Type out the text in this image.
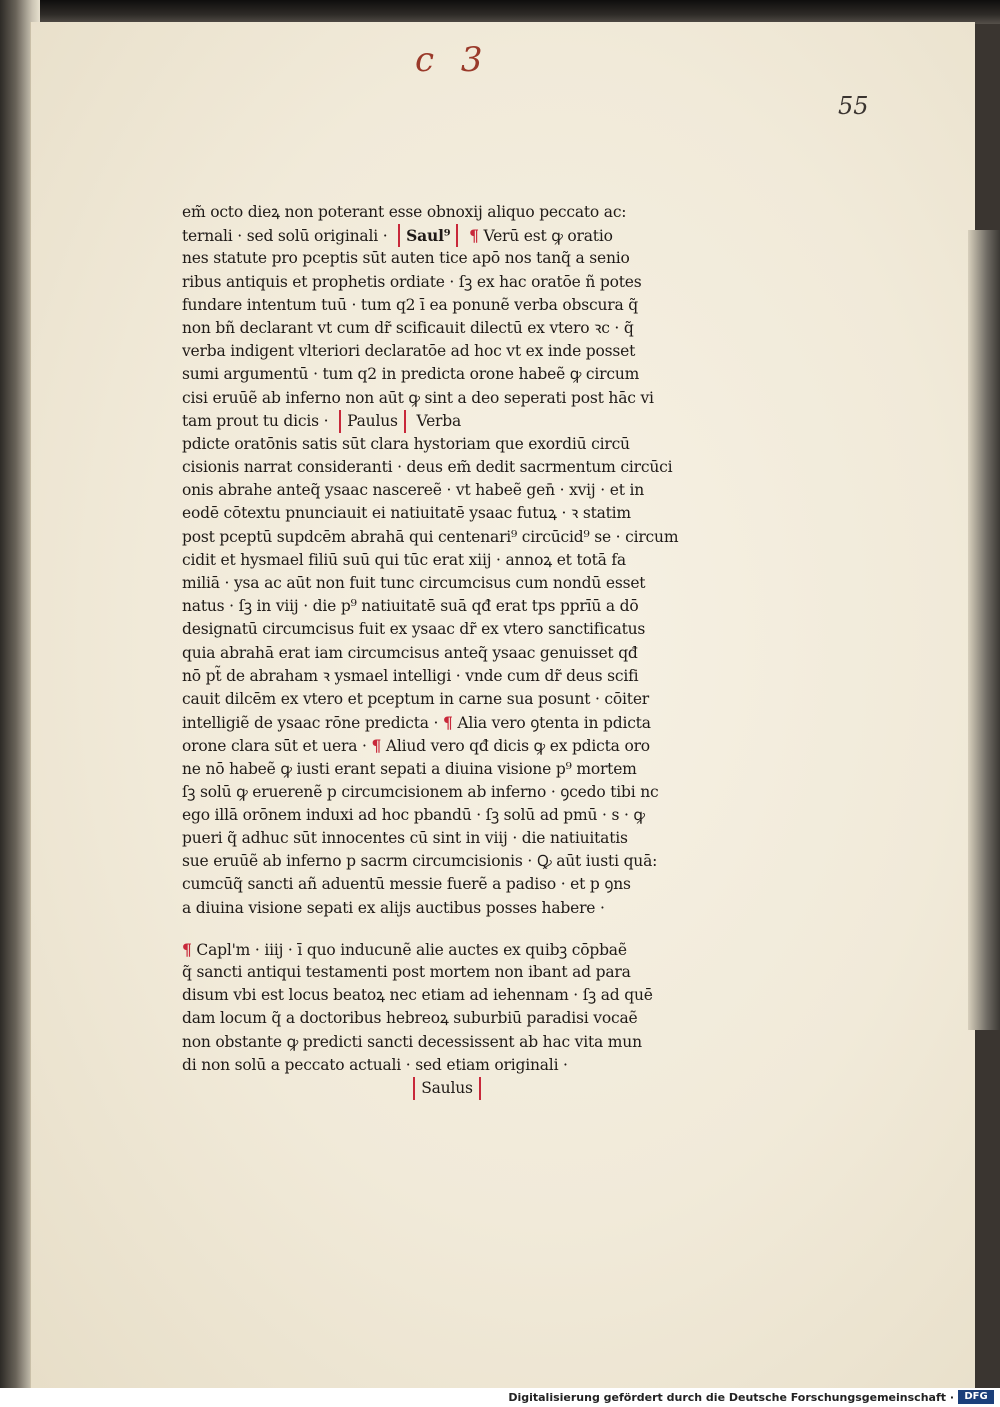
c 3
55
em̃ octo dieꝝ non poterant esse obnoxij aliquo peccato ac:
ternali · sed solū originali · Saul⁹ ¶ Verū est ꝙ oratio
nes statute pro pceptis sūt auten tice apō nos tanq̃ a senio
ribus antiquis et prophetis ordiate · ſꝫ ex hac oratōe ñ potes
fundare intentum tuū · tum q2 ī ea ponunẽ verba obscura q̃
non bñ declarant vt cum dr̃ scificauit dilectū ex vtero ꝛc · q̃
verba indigent vlteriori declaratōe ad hoc vt ex inde posset
sumi argumentū · tum q2 in predicta orone habeẽ ꝙ circum
cisi eruūẽ ab inferno non aūt ꝙ sint a deo seperati post hāc vi
tam prout tu dicis · Paulus Verba
pdicte oratōnis satis sūt clara hystoriam que exordiū circū
cisionis narrat consideranti · deus em̃ dedit sacrmentum circūci
onis abrahe anteq̃ ysaac nascereẽ · vt habeẽ gen̄ · xvij · et in
eodē cōtextu pnunciauit ei natiuitatē ysaac futuꝝ · ꝛ statim
post pceptū supdcēm abrahā qui centenari⁹ circūcid⁹ se · circum
cidit et hysmael filiū suū qui tūc erat xiij · annoꝝ et totā fa
miliā · ysa ac aūt non fuit tunc circumcisus cum nondū esset
natus · ſꝫ in viij · die p⁹ natiuitatē suā qđ erat tps pprīū a dō
designatū circumcisus fuit ex ysaac dr̃ ex vtero sanctificatus
quia abrahā erat iam circumcisus anteq̃ ysaac genuisset qđ
nō pt̃ de abraham ꝛ ysmael intelligi · vnde cum dr̃ deus scifi
cauit dilcēm ex vtero et pceptum in carne sua posunt · cōiter
intelligiẽ de ysaac rōne predicta · ¶ Alia vero ꝯtenta in pdicta
orone clara sūt et uera · ¶ Aliud vero qđ dicis ꝙ ex pdicta oro
ne nō habeẽ ꝙ iusti erant sepati a diuina visione p⁹ mortem
ſꝫ solū ꝙ eruerenẽ p circumcisionem ab inferno · ꝯcedo tibi nc
ego illā orōnem induxi ad hoc pbandū · ſꝫ solū ad pmū · s · ꝙ
pueri q̃ adhuc sūt innocentes cū sint in viij · die natiuitatis
sue eruūẽ ab inferno p sacrm circumcisionis · Ꝙ aūt iusti quā:
cumcūq̃ sancti añ aduentū messie fuerẽ a padiso · et p ꝯns
a diuina visione sepati ex alijs auctibus posses habere ·
¶ Capl'm · iiij · ī quo inducunẽ alie auctes ex quibꝫ cōpbaẽ
q̃ sancti antiqui testamenti post mortem non ibant ad para
disum vbi est locus beatoꝝ nec etiam ad iehennam · ſꝫ ad quē
dam locum q̃ a doctoribus hebreoꝝ suburbiū paradisi vocaẽ
non obstante ꝙ predicti sancti decessissent ab hac vita mun
di non solū a peccato actuali · sed etiam originali ·
Saulus
Digitalisierung gefördert durch die Deutsche Forschungsgemeinschaft ·	DFG
